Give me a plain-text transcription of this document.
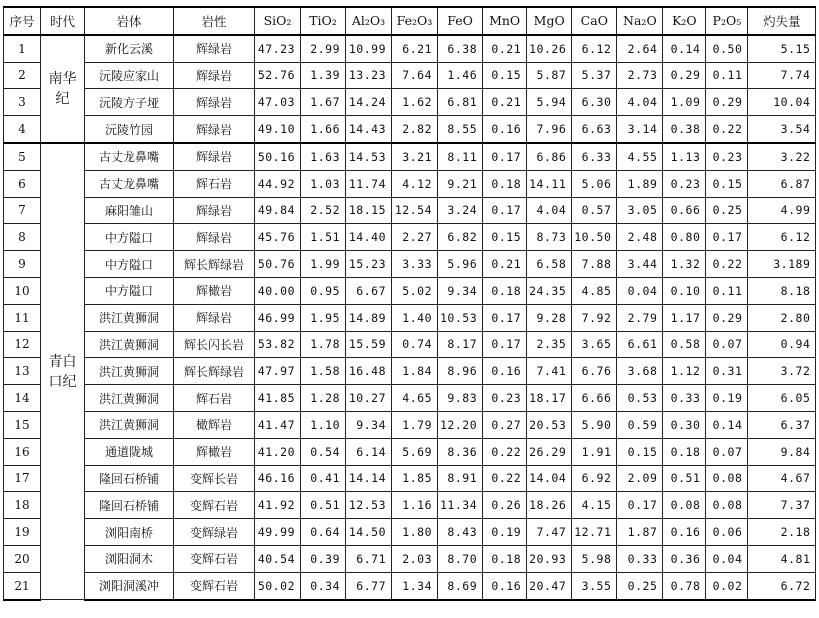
序号	时代	岩体	岩性	SiO₂	TiO₂	Al₂O₃	Fe₂O₃	FeO	MnO	MgO	CaO	Na₂O	K₂O	P₂O₅	灼失量
1	南华纪	新化云溪	辉绿岩	47.23	2.99	10.99	6.21	6.38	0.21	10.26	6.12	2.64	0.14	0.50	5.15
2		沅陵应家山	辉绿岩	52.76	1.39	13.23	7.64	1.46	0.15	5.87	5.37	2.73	0.29	0.11	7.74
3		沅陵方子垭	辉绿岩	47.03	1.67	14.24	1.62	6.81	0.21	5.94	6.30	4.04	1.09	0.29	10.04
4		沅陵竹园	辉绿岩	49.10	1.66	14.43	2.82	8.55	0.16	7.96	6.63	3.14	0.38	0.22	3.54
5	青白口纪	古丈龙鼻嘴	辉绿岩	50.16	1.63	14.53	3.21	8.11	0.17	6.86	6.33	4.55	1.13	0.23	3.22
6		古丈龙鼻嘴	辉石岩	44.92	1.03	11.74	4.12	9.21	0.18	14.11	5.06	1.89	0.23	0.15	6.87
7		麻阳雏山	辉绿岩	49.84	2.52	18.15	12.54	3.24	0.17	4.04	0.57	3.05	0.66	0.25	4.99
8		中方隘口	辉绿岩	45.76	1.51	14.40	2.27	6.82	0.15	8.73	10.50	2.48	0.80	0.17	6.12
9		中方隘口	辉长辉绿岩	50.76	1.99	15.23	3.33	5.96	0.21	6.58	7.88	3.44	1.32	0.22	3.189
10		中方隘口	辉橄岩	40.00	0.95	6.67	5.02	9.34	0.18	24.35	4.85	0.04	0.10	0.11	8.18
11		洪江黄狮洞	辉绿岩	46.99	1.95	14.89	1.40	10.53	0.17	9.28	7.92	2.79	1.17	0.29	2.80
12		洪江黄狮洞	辉长闪长岩	53.82	1.78	15.59	0.74	8.17	0.17	2.35	3.65	6.61	0.58	0.07	0.94
13		洪江黄狮洞	辉长辉绿岩	47.97	1.58	16.48	1.84	8.96	0.16	7.41	6.76	3.68	1.12	0.31	3.72
14		洪江黄狮洞	辉石岩	41.85	1.28	10.27	4.65	9.83	0.23	18.17	6.66	0.53	0.33	0.19	6.05
15		洪江黄狮洞	橄辉岩	41.47	1.10	9.34	1.79	12.20	0.27	20.53	5.90	0.59	0.30	0.14	6.37
16		通道陇城	辉橄岩	41.20	0.54	6.14	5.69	8.36	0.22	26.29	1.91	0.15	0.18	0.07	9.84
17		隆回石桥铺	变辉长岩	46.16	0.41	14.14	1.85	8.91	0.22	14.04	6.92	2.09	0.51	0.08	4.67
18		隆回石桥铺	变辉石岩	41.92	0.51	12.53	1.16	11.34	0.26	18.26	4.15	0.17	0.08	0.08	7.37
19		浏阳南桥	变辉绿岩	49.99	0.64	14.50	1.80	8.43	0.19	7.47	12.71	1.87	0.16	0.06	2.18
20		浏阳洞木	变辉石岩	40.54	0.39	6.71	2.03	8.70	0.18	20.93	5.98	0.33	0.36	0.04	4.81
21		浏阳洞溪冲	变辉石岩	50.02	0.34	6.77	1.34	8.69	0.16	20.47	3.55	0.25	0.78	0.02	6.72
